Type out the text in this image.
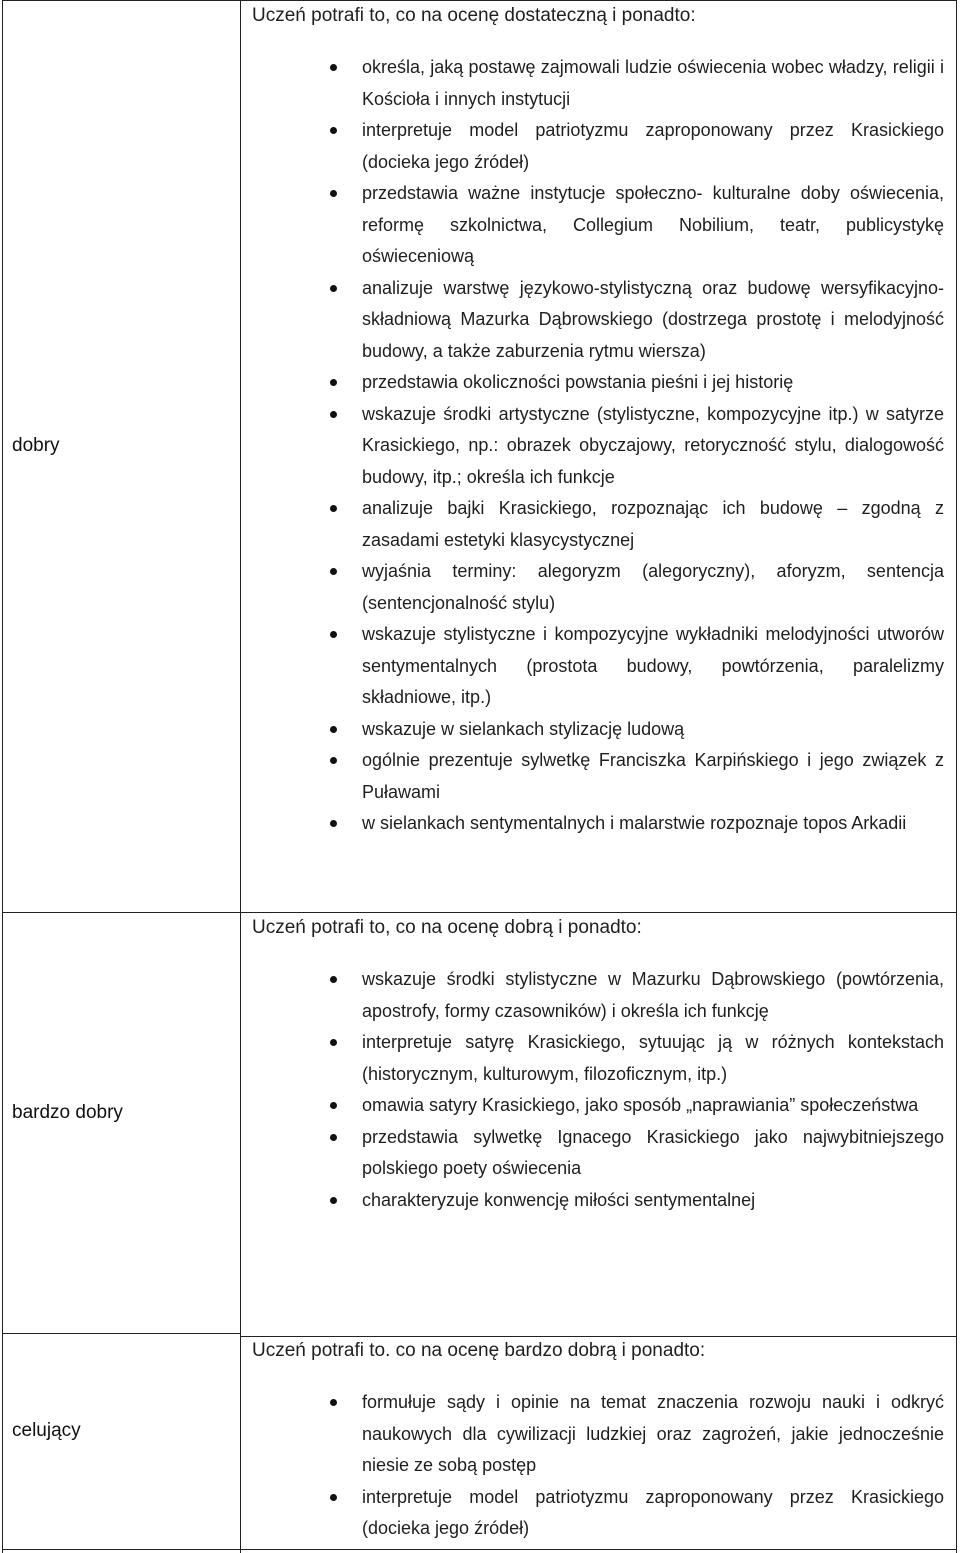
dobry
Uczeń potrafi to, co na ocenę dostateczną i ponadto:
określa, jaką postawę zajmowali ludzie oświecenia wobec władzy, religii i Kościoła i innych instytucji
interpretuje model patriotyzmu zaproponowany przez Krasickiego (docieka jego źródeł)
przedstawia ważne instytucje społeczno- kulturalne doby oświecenia, reformę szkolnictwa, Collegium Nobilium, teatr, publicystykę oświeceniową
analizuje warstwę językowo-stylistyczną oraz budowę wersyfikacyjno-składniową Mazurka Dąbrowskiego (dostrzega prostotę i melodyjność budowy, a także zaburzenia rytmu wiersza)
przedstawia okoliczności powstania pieśni i jej historię
wskazuje środki artystyczne (stylistyczne, kompozycyjne itp.) w satyrze Krasickiego, np.: obrazek obyczajowy, retoryczność stylu, dialogowość budowy, itp.; określa ich funkcje
analizuje bajki Krasickiego, rozpoznając ich budowę – zgodną z zasadami estetyki klasycystycznej
wyjaśnia terminy: alegoryzm (alegoryczny), aforyzm, sentencja (sentencjonalność stylu)
wskazuje stylistyczne i kompozycyjne wykładniki melodyjności utworów sentymentalnych (prostota budowy, powtórzenia, paralelizmy składniowe, itp.)
wskazuje w sielankach stylizację ludową
ogólnie prezentuje sylwetkę Franciszka Karpińskiego i jego związek z Puławami
w sielankach sentymentalnych i malarstwie rozpoznaje topos Arkadii
bardzo dobry
Uczeń potrafi to, co na ocenę dobrą i ponadto:
wskazuje środki stylistyczne w Mazurku Dąbrowskiego (powtórzenia, apostrofy, formy czasowników) i określa ich funkcję
interpretuje satyrę Krasickiego, sytuując ją w różnych kontekstach (historycznym, kulturowym, filozoficznym, itp.)
omawia satyry Krasickiego, jako sposób „naprawiania” społeczeństwa
przedstawia sylwetkę Ignacego Krasickiego jako najwybitniejszego polskiego poety oświecenia
charakteryzuje konwencję miłości sentymentalnej
celujący
Uczeń potrafi to. co na ocenę bardzo dobrą i ponadto:
formułuje sądy i opinie na temat znaczenia rozwoju nauki i odkryć naukowych dla cywilizacji ludzkiej oraz zagrożeń, jakie jednocześnie niesie ze sobą postęp
interpretuje model patriotyzmu zaproponowany przez Krasickiego (docieka jego źródeł)
